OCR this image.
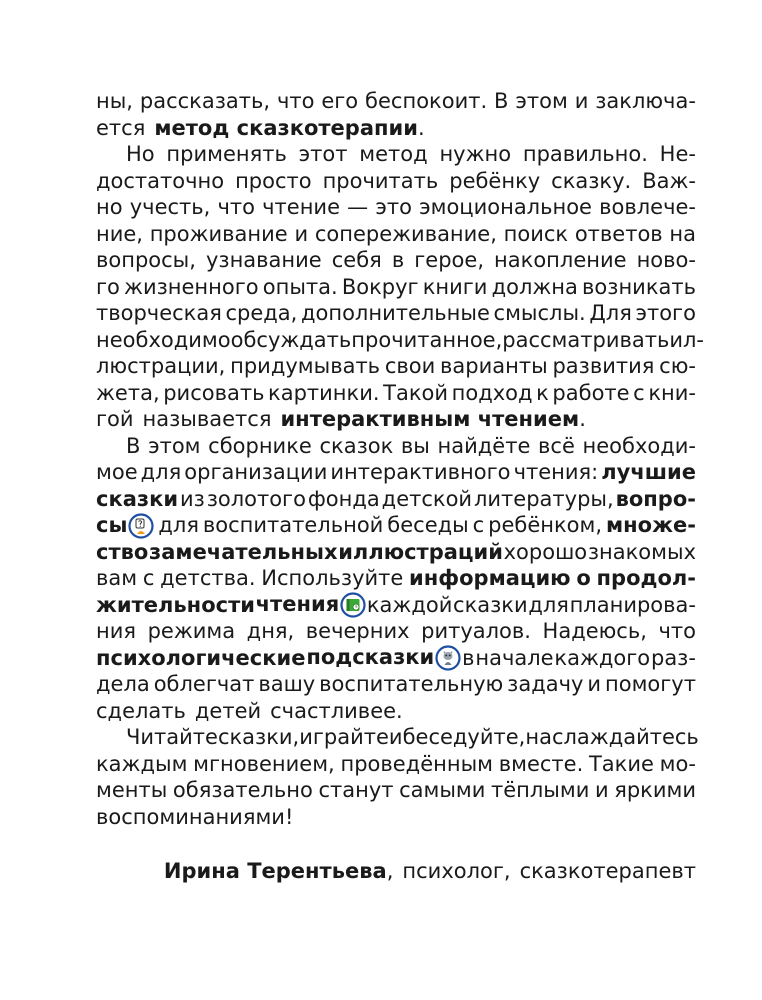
ны, рассказать, что его беспокоит. В этом и заключа-
ется метод сказкотерапии .
Но применять этот метод нужно правильно. Не-
достаточно просто прочитать ребёнку сказку. Важ-
но учесть, что чтение — это эмоциональное вовлече-
ние, проживание и сопереживание, поиск ответов на
вопросы, узнавание себя в герое, накопление ново-
го жизненного опыта. Вокруг книги должна возникать
творческая среда, дополнительные смыслы. Для этого
необходимо обсуждать прочитанное, рассматривать ил-
люстрации, придумывать свои варианты развития сю-
жета, рисовать картинки. Такой подход к работе с кни-
гой называется интерактивным чтением .
В этом сборнике сказок вы найдёте всё необходи-
мое для организации интерактивного чтения: лучшие
сказки из золотого фонда детской литературы, вопро-
сы	для воспитательной беседы с ребёнком, множе-
ство замечательных иллюстраций хорошо знакомых
вам с детства. Используйте информацию о продол-
жительности чтения	каждой сказки для планирова-
ния режима дня, вечерних ритуалов. Надеюсь, что
психологические подсказки	в начале каждого раз-
дела облегчат вашу воспитательную задачу и помогут
сделать детей счастливее.
Читайте сказки, играйте и беседуйте, наслаждайтесь
каждым мгновением, проведённым вместе. Такие мо-
менты обязательно станут самыми тёплыми и яркими
воспоминаниями!
Ирина Терентьева , психолог, сказкотерапевт
